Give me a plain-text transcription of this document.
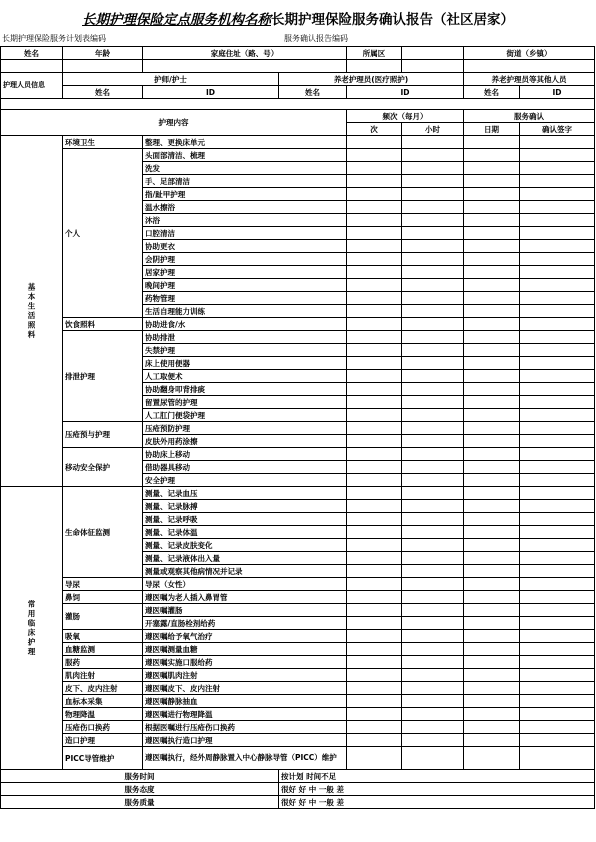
长期护理保险定点服务机构名称长期护理保险服务确认报告（社区居家）
长期护理保险服务计划表编码	服务确认报告编码
姓名	年龄	家庭住址（路、号）		所属区		街道（乡镇）	

护理人员信息	护师/护士		养老护理员(医疗照护)			养老护理员等其他人员	
	姓名	ID	姓名	ID		姓名	ID

护理内容				频次（每月）		服务确认	
				次	小时	日期	确认签字
基本生活照料	环境卫生	整理、更换床单元					
	个人	头面部清洁、梳理					
		洗发					
		手、足部清洁					
		指/趾甲护理					
		温水擦浴					
		沐浴					
		口腔清洁					
		协助更衣					
		会阴护理					
		居家护理					
		晚间护理					
		药物管理					
		生活自理能力训练					
	饮食照料	协助进食/水					
	排泄护理	协助排泄					
		失禁护理					
		床上使用便器					
		人工取便术					
		协助翻身叩背排痰					
		留置尿管的护理					
		人工肛门便袋护理					
	压疮预与护理	压疮预防护理					
		皮肤外用药涂擦					
	移动安全保护	协助床上移动					
		借助器具移动					
		安全护理					
常用临床护理	生命体征监测	测量、记录血压					
		测量、记录脉搏					
		测量、记录呼吸					
		测量、记录体温					
		测量、记录皮肤变化					
		测量、记录液体出入量					
		测量或观察其他病情况并记录					
	导尿	导尿（女性）					
	鼻饲	遵医嘱为老人插入鼻胃管					
	灌肠	遵医嘱灌肠					
		开塞露/直肠栓剂给药					
	吸氧	遵医嘱给予氧气治疗					
	血糖监测	遵医嘱测量血糖					
	服药	遵医嘱实施口服给药					
	肌肉注射	遵医嘱肌肉注射					
	皮下、皮内注射	遵医嘱皮下、皮内注射					
	血标本采集	遵医嘱静脉抽血					
	物理降温	遵医嘱进行物理降温					
	压疮伤口换药	根据医嘱进行压疮伤口换药					
	造口护理	遵医嘱执行造口护理					
	PICC导管维护	遵医嘱执行，经外周静脉置入中心静脉导管（PICC）维护					
服务时间			按计划 时间不足				
服务态度			很好 好 中 一般 差				
服务质量			很好 好 中 一般 差				
